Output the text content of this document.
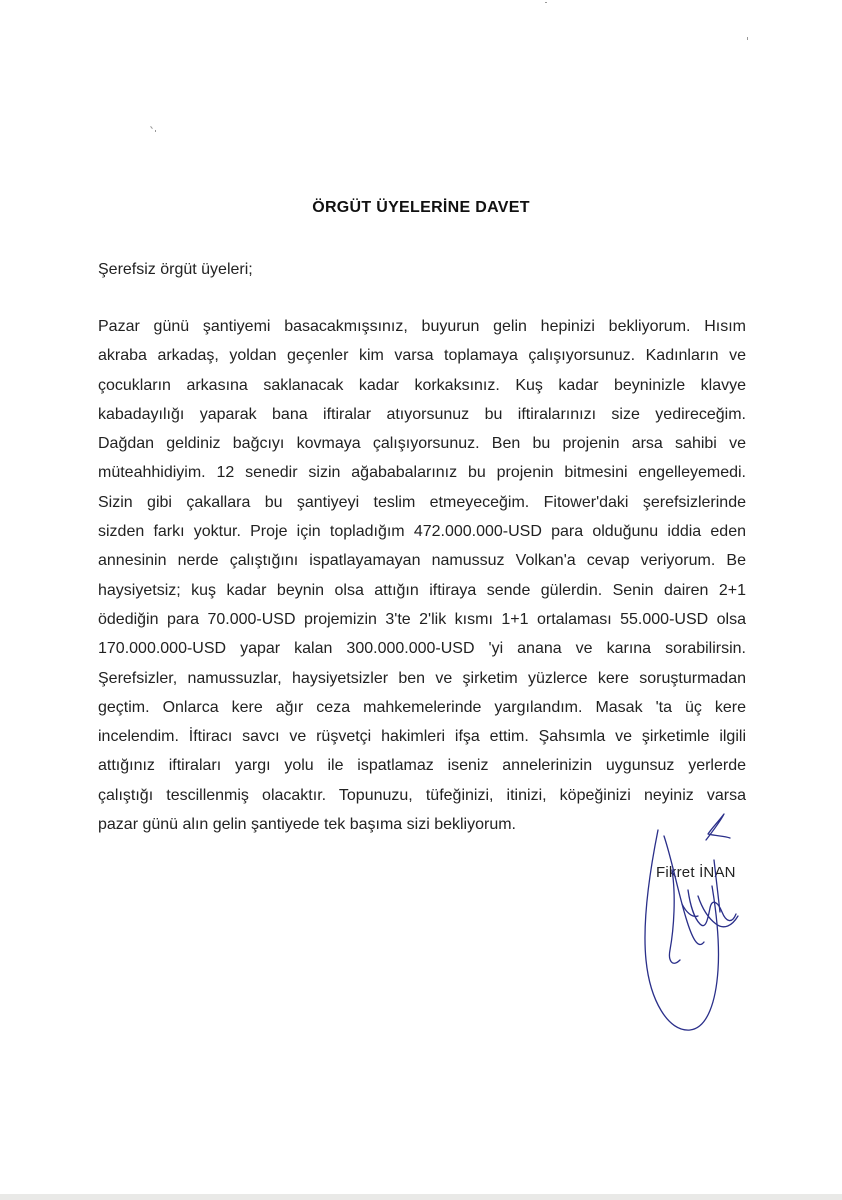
ÖRGÜT ÜYELERİNE DAVET
Şerefsiz örgüt üyeleri;
Pazar günü şantiyemi basacakmışsınız, buyurun gelin hepinizi bekliyorum. Hısım
akraba arkadaş, yoldan geçenler kim varsa toplamaya çalışıyorsunuz. Kadınların ve
çocukların arkasına saklanacak kadar korkaksınız. Kuş kadar beyninizle klavye
kabadayılığı yaparak bana iftiralar atıyorsunuz bu iftiralarınızı size yedireceğim.
Dağdan geldiniz bağcıyı kovmaya çalışıyorsunuz. Ben bu projenin arsa sahibi ve
müteahhidiyim. 12 senedir sizin ağababalarınız bu projenin bitmesini engelleyemedi.
Sizin gibi çakallara bu şantiyeyi teslim etmeyeceğim. Fitower'daki şerefsizlerinde
sizden farkı yoktur. Proje için topladığım 472.000.000-USD para olduğunu iddia eden
annesinin nerde çalıştığını ispatlayamayan namussuz Volkan'a cevap veriyorum. Be
haysiyetsiz; kuş kadar beynin olsa attığın iftiraya sende gülerdin. Senin dairen 2+1
ödediğin para 70.000-USD projemizin 3'te 2'lik kısmı 1+1 ortalaması 55.000-USD olsa
170.000.000-USD yapar kalan 300.000.000-USD 'yi anana ve karına sorabilirsin.
Şerefsizler, namussuzlar, haysiyetsizler ben ve şirketim yüzlerce kere soruşturmadan
geçtim. Onlarca kere ağır ceza mahkemelerinde yargılandım. Masak 'ta üç kere
incelendim. İftiracı savcı ve rüşvetçi hakimleri ifşa ettim. Şahsımla ve şirketimle ilgili
attığınız iftiraları yargı yolu ile ispatlamaz iseniz annelerinizin uygunsuz yerlerde
çalıştığı tescillenmiş olacaktır. Topunuzu, tüfeğinizi, itinizi, köpeğinizi neyiniz varsa
pazar günü alın gelin şantiyede tek başıma sizi bekliyorum.
Fikret İNAN
